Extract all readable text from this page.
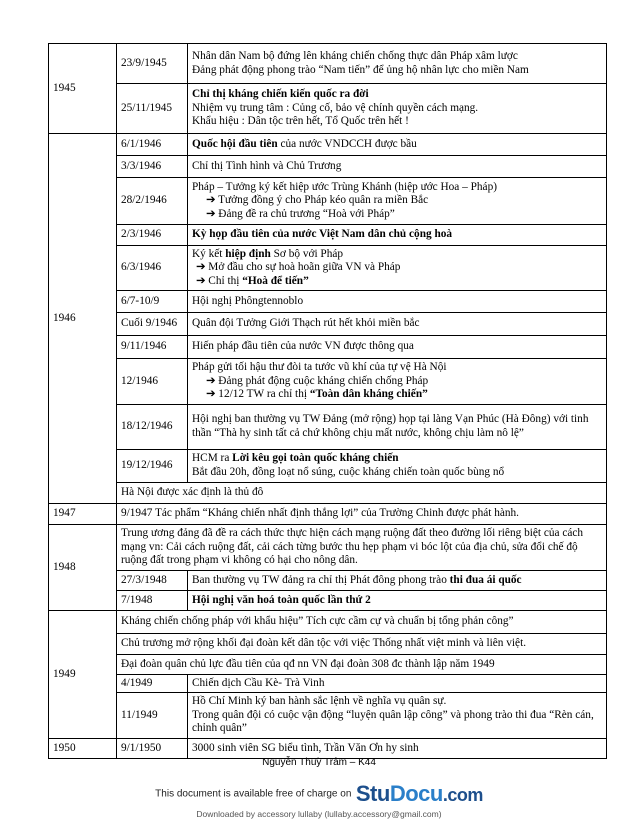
1945	23/9/1945	Nhân dân Nam bộ đứng lên kháng chiến chống thực dân Pháp xâm lược
Đảng phát động phong trào “Nam tiến” để ủng hộ nhân lực cho miền Nam

	25/11/1945	Chỉ thị kháng chiến kiến quốc ra đời
Nhiệm vụ trung tâm : Củng cố, bảo vệ chính quyền cách mạng.
Khẩu hiệu : Dân tộc trên hết, Tổ Quốc trên hết !

1946	6/1/1946	Quốc hội đầu tiên của nước VNDCCH được bầu
	3/3/1946	Chỉ thị Tình hình và Chủ Trương
	28/2/1946	Pháp – Tưởng ký kết hiệp ước Trùng Khánh (hiệp ước Hoa – Pháp)
➔ Tưởng đồng ý cho Pháp kéo quân ra miền Bắc
➔ Đảng đề ra chủ trương “Hoà với Pháp”

	2/3/1946	Kỳ họp đầu tiên của nước Việt Nam dân chủ cộng hoà
	6/3/1946	Ký kết hiệp định Sơ bộ với Pháp
➔ Mở đầu cho sự hoà hoãn giữa VN và Pháp
➔ Chỉ thị “Hoà để tiến”

	6/7-10/9	Hội nghị Phôngtennoblo
	Cuối 9/1946	Quân đội Tưởng Giới Thạch rút hết khỏi miền bắc
	9/11/1946	Hiến pháp đầu tiên của nước VN được thông qua
	12/1946	Pháp gửi tối hậu thư đòi ta tước vũ khí của tự vệ Hà Nội
➔ Đảng phát động cuộc kháng chiến chống Pháp
➔ 12/12 TW ra chỉ thị “Toàn dân kháng chiến”

	18/12/1946	Hội nghị ban thường vụ TW Đảng (mở rộng) họp tại làng Vạn Phúc (Hà Đông) với tinh thần “Thà hy sinh tất cả chứ không chịu mất nước, không chịu làm nô lệ”
	19/12/1946	HCM ra Lời kêu gọi toàn quốc kháng chiến
Bắt đầu 20h, đồng loạt nổ súng, cuộc kháng chiến toàn quốc bùng nổ

	Hà Nội được xác định là thủ đô	
1947	9/1947 Tác phẩm “Kháng chiến nhất định thắng lợi” của Trường Chinh được phát hành.	
1948	Trung ương đảng đã đề ra cách thức thực hiện cách mạng ruộng đất theo đường lối riêng biệt của cách mạng vn: Cải cách ruộng đất, cải cách từng bước thu hẹp phạm vi bóc lột của địa chủ, sửa đổi chế độ ruộng đất trong phạm vi không có hại cho nông dân.	
	27/3/1948	Ban thường vụ TW đảng ra chỉ thị Phát đông phong trào thi đua ái quốc
	7/1948	Hội nghị văn hoá toàn quốc lần thứ 2
1949	Kháng chiến chống pháp với khẩu hiệu” Tích cực cầm cự và chuẩn bị tổng phản công”	
	Chủ trương mở rộng khối đại đoàn kết dân tộc với việc Thống nhất việt minh và liên việt.	
	Đại đoàn quân chủ lực đầu tiên của qđ nn VN đại đoàn 308 đc thành lập năm 1949	
	4/1949	Chiến dịch Cầu Kè- Trà Vinh
	11/1949	Hồ Chí Minh ký ban hành sắc lệnh về nghĩa vụ quân sự.
Trong quân đội có cuộc vận động “luyện quân lập công” và phong trào thi đua “Rèn cán, chỉnh quân”

1950	9/1/1950	3000 sinh viên SG biểu tình, Trần Văn Ơn hy sinh
Nguyễn Thuỳ Trâm – K44
This document is available free of charge on StuDocu.com
Downloaded by accessory lullaby (lullaby.accessory@gmail.com)
